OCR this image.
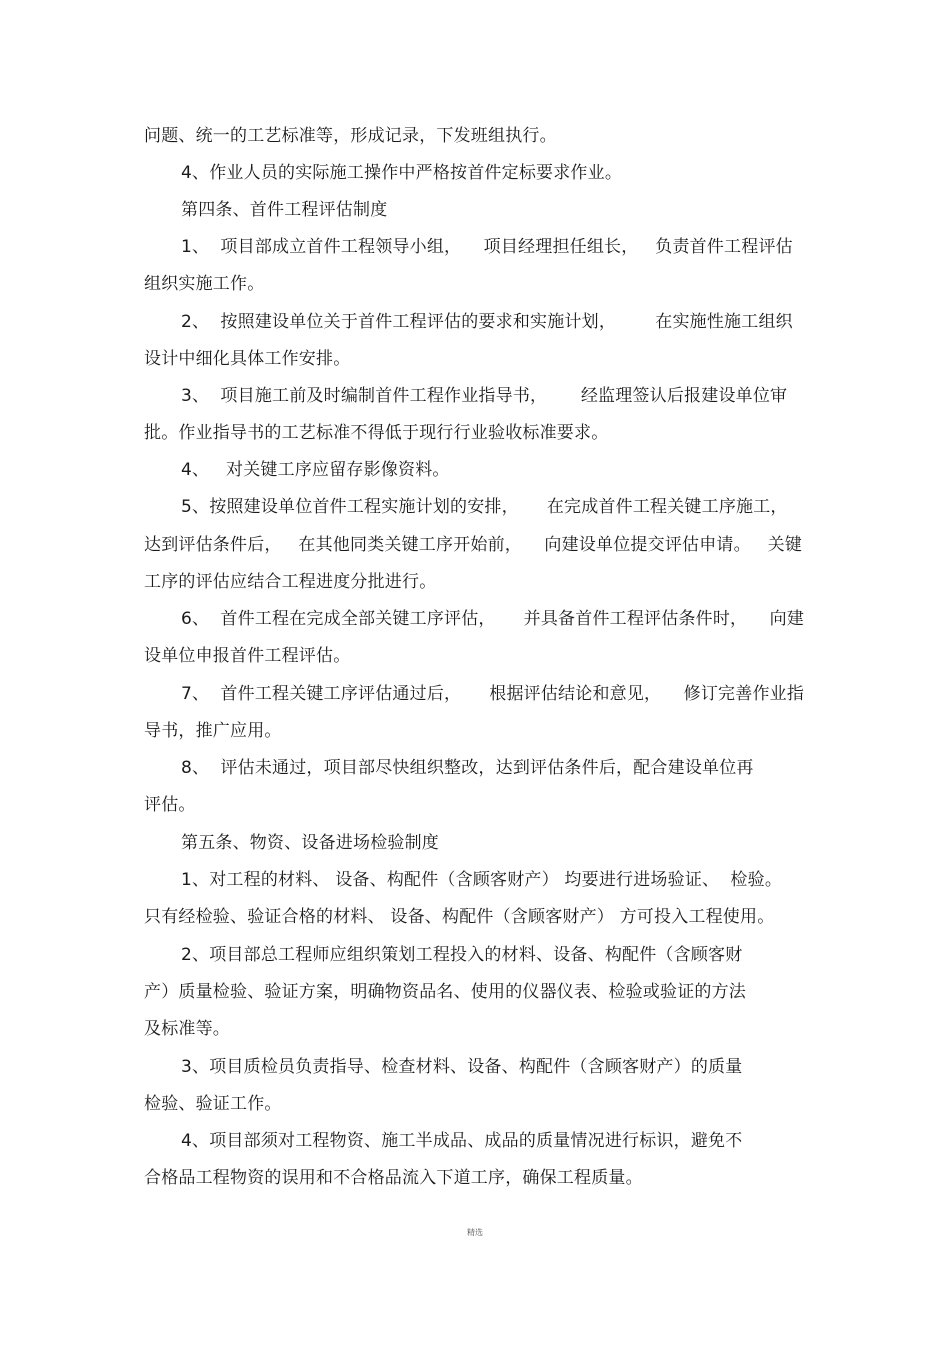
问题、统一的工艺标准等，形成记录，下发班组执行。
4、作业人员的实际施工操作中严格按首件定标要求作业。
第四条、首件工程评估制度
1、  项目部成立首件工程领导小组，    项目经理担任组长，   负责首件工程评估
组织实施工作。
2、  按照建设单位关于首件工程评估的要求和实施计划，       在实施性施工组织
设计中细化具体工作安排。
3、  项目施工前及时编制首件工程作业指导书，      经监理签认后报建设单位审
批。作业指导书的工艺标准不得低于现行行业验收标准要求。
4、   对关键工序应留存影像资料。
5、按照建设单位首件工程实施计划的安排，     在完成首件工程关键工序施工，
达到评估条件后，   在其他同类关键工序开始前，    向建设单位提交评估申请。   关键
工序的评估应结合工程进度分批进行。
6、  首件工程在完成全部关键工序评估，     并具备首件工程评估条件时，    向建
设单位申报首件工程评估。
7、  首件工程关键工序评估通过后，     根据评估结论和意见，    修订完善作业指
导书，推广应用。
8、  评估未通过，项目部尽快组织整改，达到评估条件后，配合建设单位再
评估。
第五条、物资、设备进场检验制度
1、对工程的材料、 设备、构配件（含顾客财产） 均要进行进场验证、  检验。
只有经检验、验证合格的材料、 设备、构配件（含顾客财产） 方可投入工程使用。
2、项目部总工程师应组织策划工程投入的材料、设备、构配件（含顾客财
产）质量检验、验证方案，明确物资品名、使用的仪器仪表、检验或验证的方法
及标准等。
3、项目质检员负责指导、检查材料、设备、构配件（含顾客财产）的质量
检验、验证工作。
4、项目部须对工程物资、施工半成品、成品的质量情况进行标识，避免不
合格品工程物资的误用和不合格品流入下道工序，确保工程质量。
精选
